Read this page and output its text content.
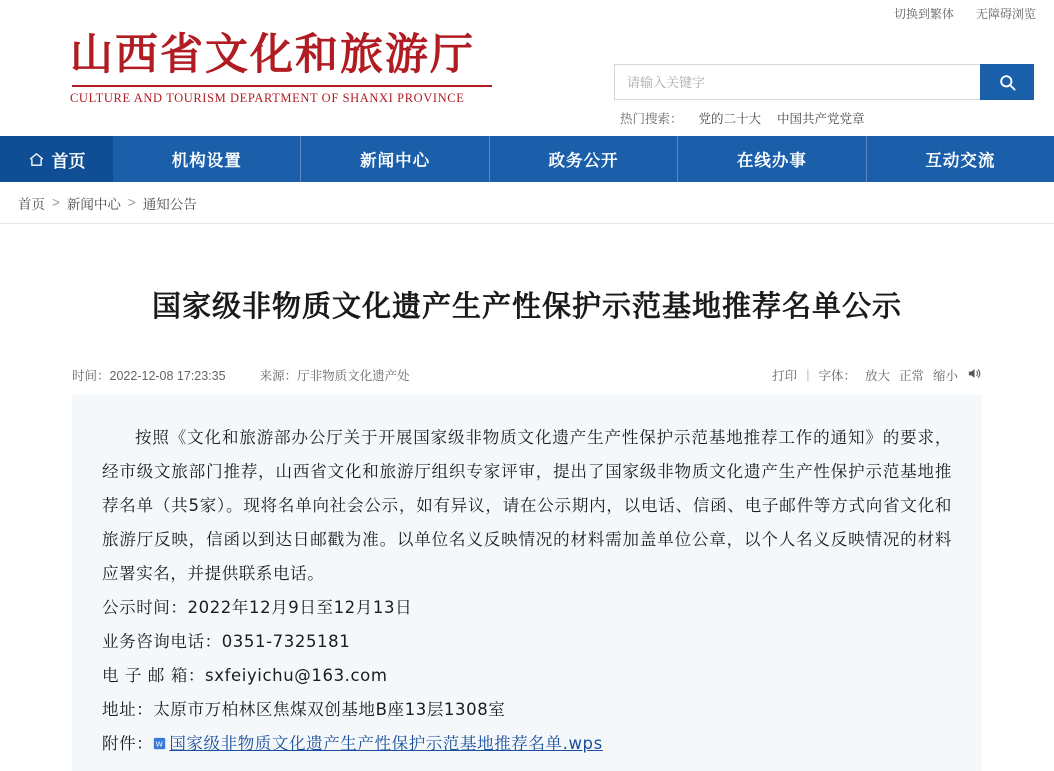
切换到繁体 无障碍浏览
山西省文化和旅游厅
CULTURE AND TOURISM DEPARTMENT OF SHANXI PROVINCE
请输入关键字
热门搜索： 党的二十大 中国共产党党章
首页	机构设置	新闻中心	政务公开	在线办事	互动交流
首页 > 新闻中心 > 通知公告
国家级非物质文化遗产生产性保护示范基地推荐名单公示
时间：2022-12-08 17:23:35	来源：厅非物质文化遗产处	打印 | 字体： 放大 正常 缩小

按照《文化和旅游部办公厅关于开展国家级非物质文化遗产生产性保护示范基地推荐工作的通知》的要求，经市级文旅部门推荐，山西省文化和旅游厅组织专家评审，提出了国家级非物质文化遗产生产性保护示范基地推荐名单（共5家）。现将名单向社会公示，如有异议，请在公示期内，以电话、信函、电子邮件等方式向省文化和旅游厅反映，信函以到达日邮戳为准。以单位名义反映情况的材料需加盖单位公章，以个人名义反映情况的材料应署实名，并提供联系电话。

公示时间：2022年12月9日至12月13日

业务咨询电话：0351-7325181

电 子 邮 箱：sxfeiyichu@163.com

地址：太原市万柏林区焦煤双创基地B座13层1308室

附件： W 国家级非物质文化遗产生产性保护示范基地推荐名单.wps
